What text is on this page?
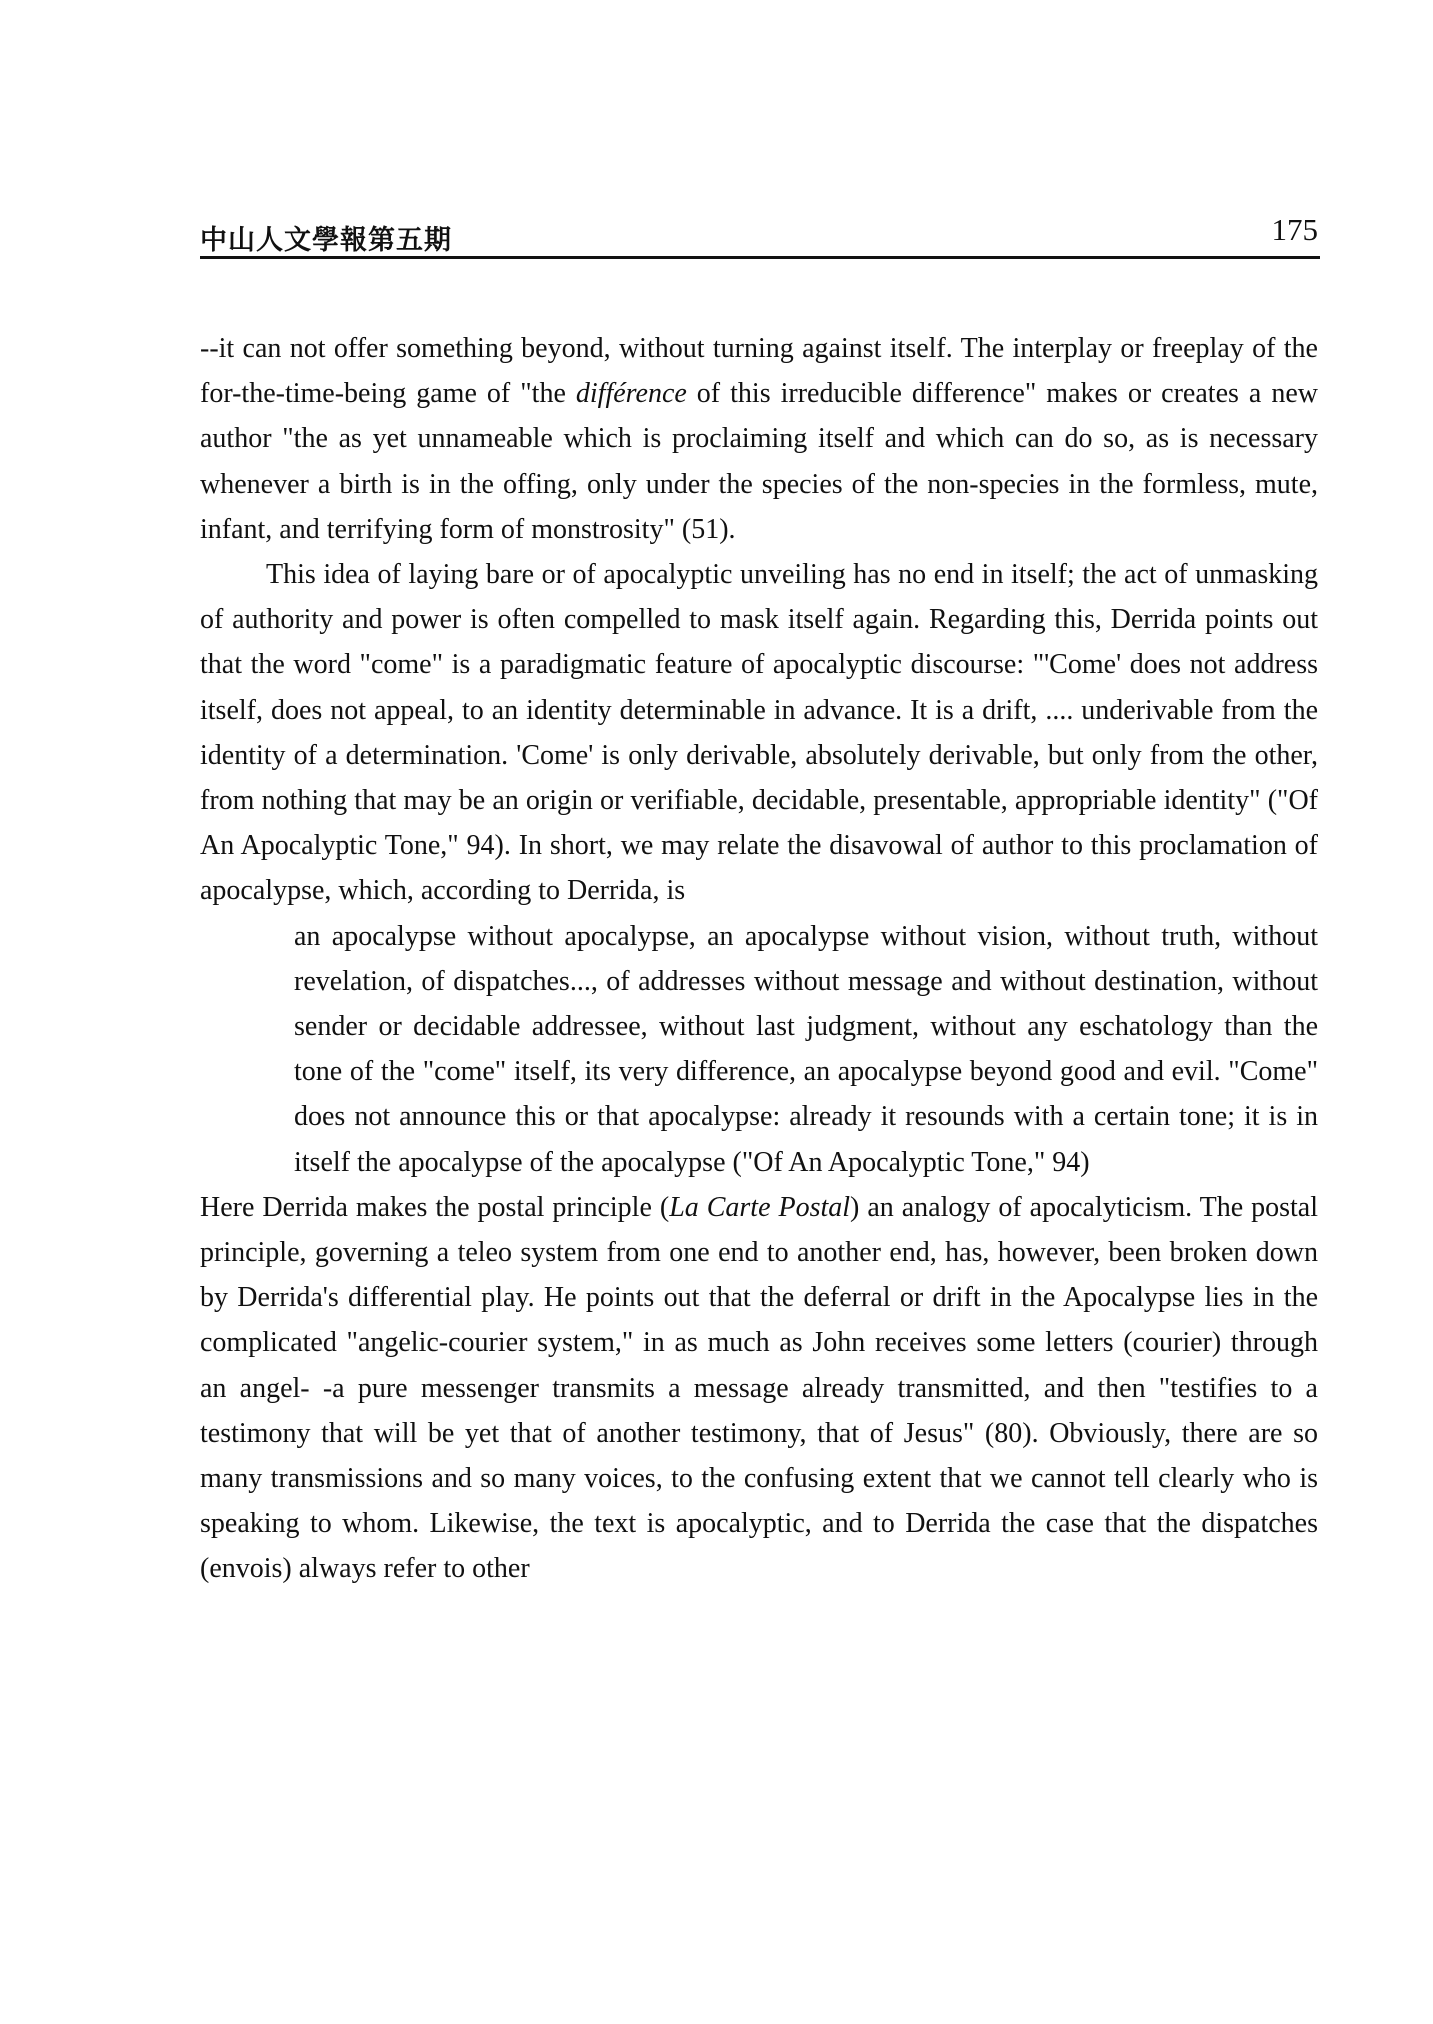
中山人文學報第五期	175

--it can not offer something beyond, without turning against itself. The interplay or freeplay of the for-the-time-being game of "the différence of this irreducible difference" makes or creates a new author "the as yet unnameable which is proclaiming itself and which can do so, as is necessary whenever a birth is in the offing, only under the species of the non-species in the formless, mute, infant, and terrifying form of monstrosity" (51).

This idea of laying bare or of apocalyptic unveiling has no end in itself; the act of unmasking of authority and power is often compelled to mask itself again. Regarding this, Derrida points out that the word "come" is a paradigmatic feature of apocalyptic discourse: "'Come' does not address itself, does not appeal, to an identity determinable in advance. It is a drift, .... underivable from the identity of a determination. 'Come' is only derivable, absolutely derivable, but only from the other, from nothing that may be an origin or verifiable, decidable, presentable, appropriable identity" ("Of An Apocalyptic Tone," 94). In short, we may relate the disavowal of author to this proclamation of apocalypse, which, according to Derrida, is

an apocalypse without apocalypse, an apocalypse without vision, without truth, without revelation, of dispatches..., of addresses without message and without destination, without sender or decidable addressee, without last judgment, without any eschatology than the tone of the "come" itself, its very difference, an apocalypse beyond good and evil. "Come" does not announce this or that apocalypse: already it resounds with a certain tone; it is in itself the apocalypse of the apocalypse ("Of An Apocalyptic Tone," 94)

Here Derrida makes the postal principle (La Carte Postal) an analogy of apocalyticism. The postal principle, governing a teleo system from one end to another end, has, however, been broken down by Derrida's differential play. He points out that the deferral or drift in the Apocalypse lies in the complicated "angelic-courier system," in as much as John receives some letters (courier) through an angel- -a pure messenger transmits a message already transmitted, and then "testifies to a testimony that will be yet that of another testimony, that of Jesus" (80). Obviously, there are so many transmissions and so many voices, to the confusing extent that we cannot tell clearly who is speaking to whom. Likewise, the text is apocalyptic, and to Derrida the case that the dispatches (envois) always refer to other
